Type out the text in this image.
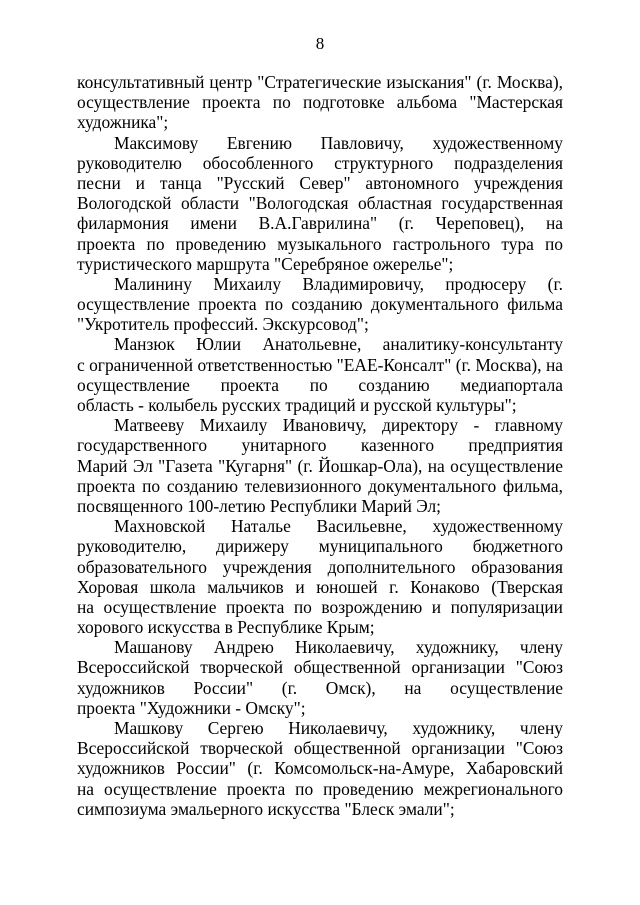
8
консультативный центр "Стратегические изыскания" (г. Москва),
осуществление проекта по подготовке альбома "Мастерская
художника";
Максимову Евгению Павловичу, художественному
руководителю обособленного структурного подразделения
песни и танца "Русский Север" автономного учреждения
Вологодской области "Вологодская областная государственная
филармония имени В.А.Гаврилина" (г. Череповец), на
проекта по проведению музыкального гастрольного тура по
туристического маршрута "Серебряное ожерелье";
Малинину Михаилу Владимировичу, продюсеру (г.
осуществление проекта по созданию документального фильма
"Укротитель профессий. Экскурсовод";
Манзюк Юлии Анатольевне, аналитику-консультанту
с ограниченной ответственностью "ЕАЕ-Консалт" (г. Москва), на
осуществление проекта по созданию медиапортала
область - колыбель русских традиций и русской культуры";
Матвееву Михаилу Ивановичу, директору - главному
государственного унитарного казенного предприятия
Марий Эл "Газета "Кугарня" (г. Йошкар-Ола), на осуществление
проекта по созданию телевизионного документального фильма,
посвященного 100-летию Республики Марий Эл;
Махновской Наталье Васильевне, художественному
руководителю, дирижеру муниципального бюджетного
образовательного учреждения дополнительного образования
Хоровая школа мальчиков и юношей г. Конаково (Тверская
на осуществление проекта по возрождению и популяризации
хорового искусства в Республике Крым;
Машанову Андрею Николаевичу, художнику, члену
Всероссийской творческой общественной организации "Союз
художников России" (г. Омск), на осуществление
проекта "Художники - Омску";
Машкову Сергею Николаевичу, художнику, члену
Всероссийской творческой общественной организации "Союз
художников России" (г. Комсомольск-на-Амуре, Хабаровский
на осуществление проекта по проведению межрегионального
симпозиума эмальерного искусства "Блеск эмали";
